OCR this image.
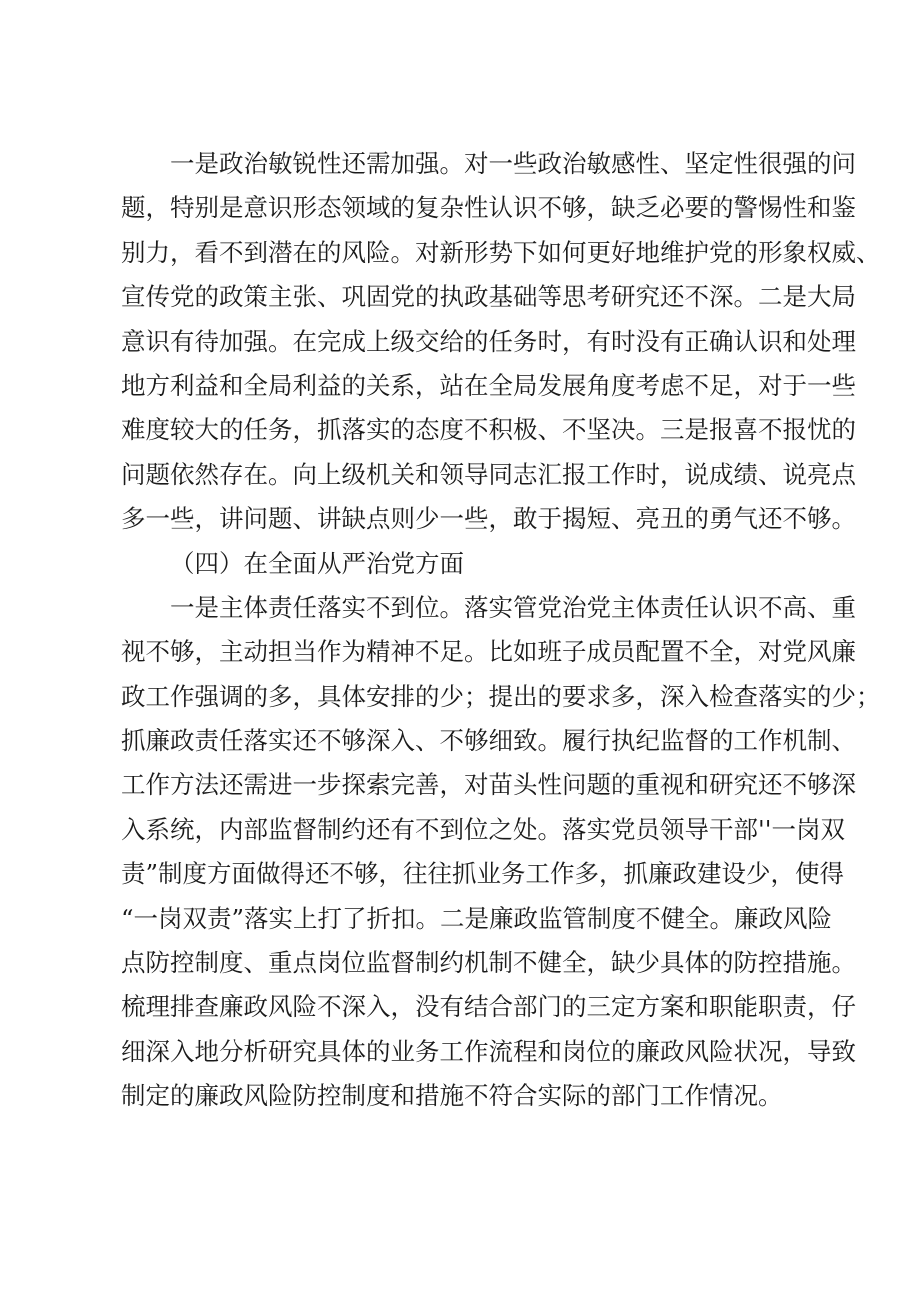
一是政治敏锐性还需加强。对一些政治敏感性、坚定性很强的问
题，特别是意识形态领域的复杂性认识不够，缺乏必要的警惕性和鉴
别力，看不到潜在的风险。对新形势下如何更好地维护党的形象权威、
宣传党的政策主张、巩固党的执政基础等思考研究还不深。二是大局
意识有待加强。在完成上级交给的任务时，有时没有正确认识和处理
地方利益和全局利益的关系，站在全局发展角度考虑不足，对于一些
难度较大的任务，抓落实的态度不积极、不坚决。三是报喜不报忧的
问题依然存在。向上级机关和领导同志汇报工作时，说成绩、说亮点
多一些，讲问题、讲缺点则少一些，敢于揭短、亮丑的勇气还不够。
（四）在全面从严治党方面
一是主体责任落实不到位。落实管党治党主体责任认识不高、重
视不够，主动担当作为精神不足。比如班子成员配置不全，对党风廉
政工作强调的多，具体安排的少；提出的要求多，深入检查落实的少；
抓廉政责任落实还不够深入、不够细致。履行执纪监督的工作机制、
工作方法还需进一步探索完善，对苗头性问题的重视和研究还不够深
入系统，内部监督制约还有不到位之处。落实党员领导干部''一岗双
责”制度方面做得还不够，往往抓业务工作多，抓廉政建设少，使得
“一岗双责”落实上打了折扣。二是廉政监管制度不健全。廉政风险
点防控制度、重点岗位监督制约机制不健全，缺少具体的防控措施。
梳理排查廉政风险不深入，没有结合部门的三定方案和职能职责，仔
细深入地分析研究具体的业务工作流程和岗位的廉政风险状况，导致
制定的廉政风险防控制度和措施不符合实际的部门工作情况。
